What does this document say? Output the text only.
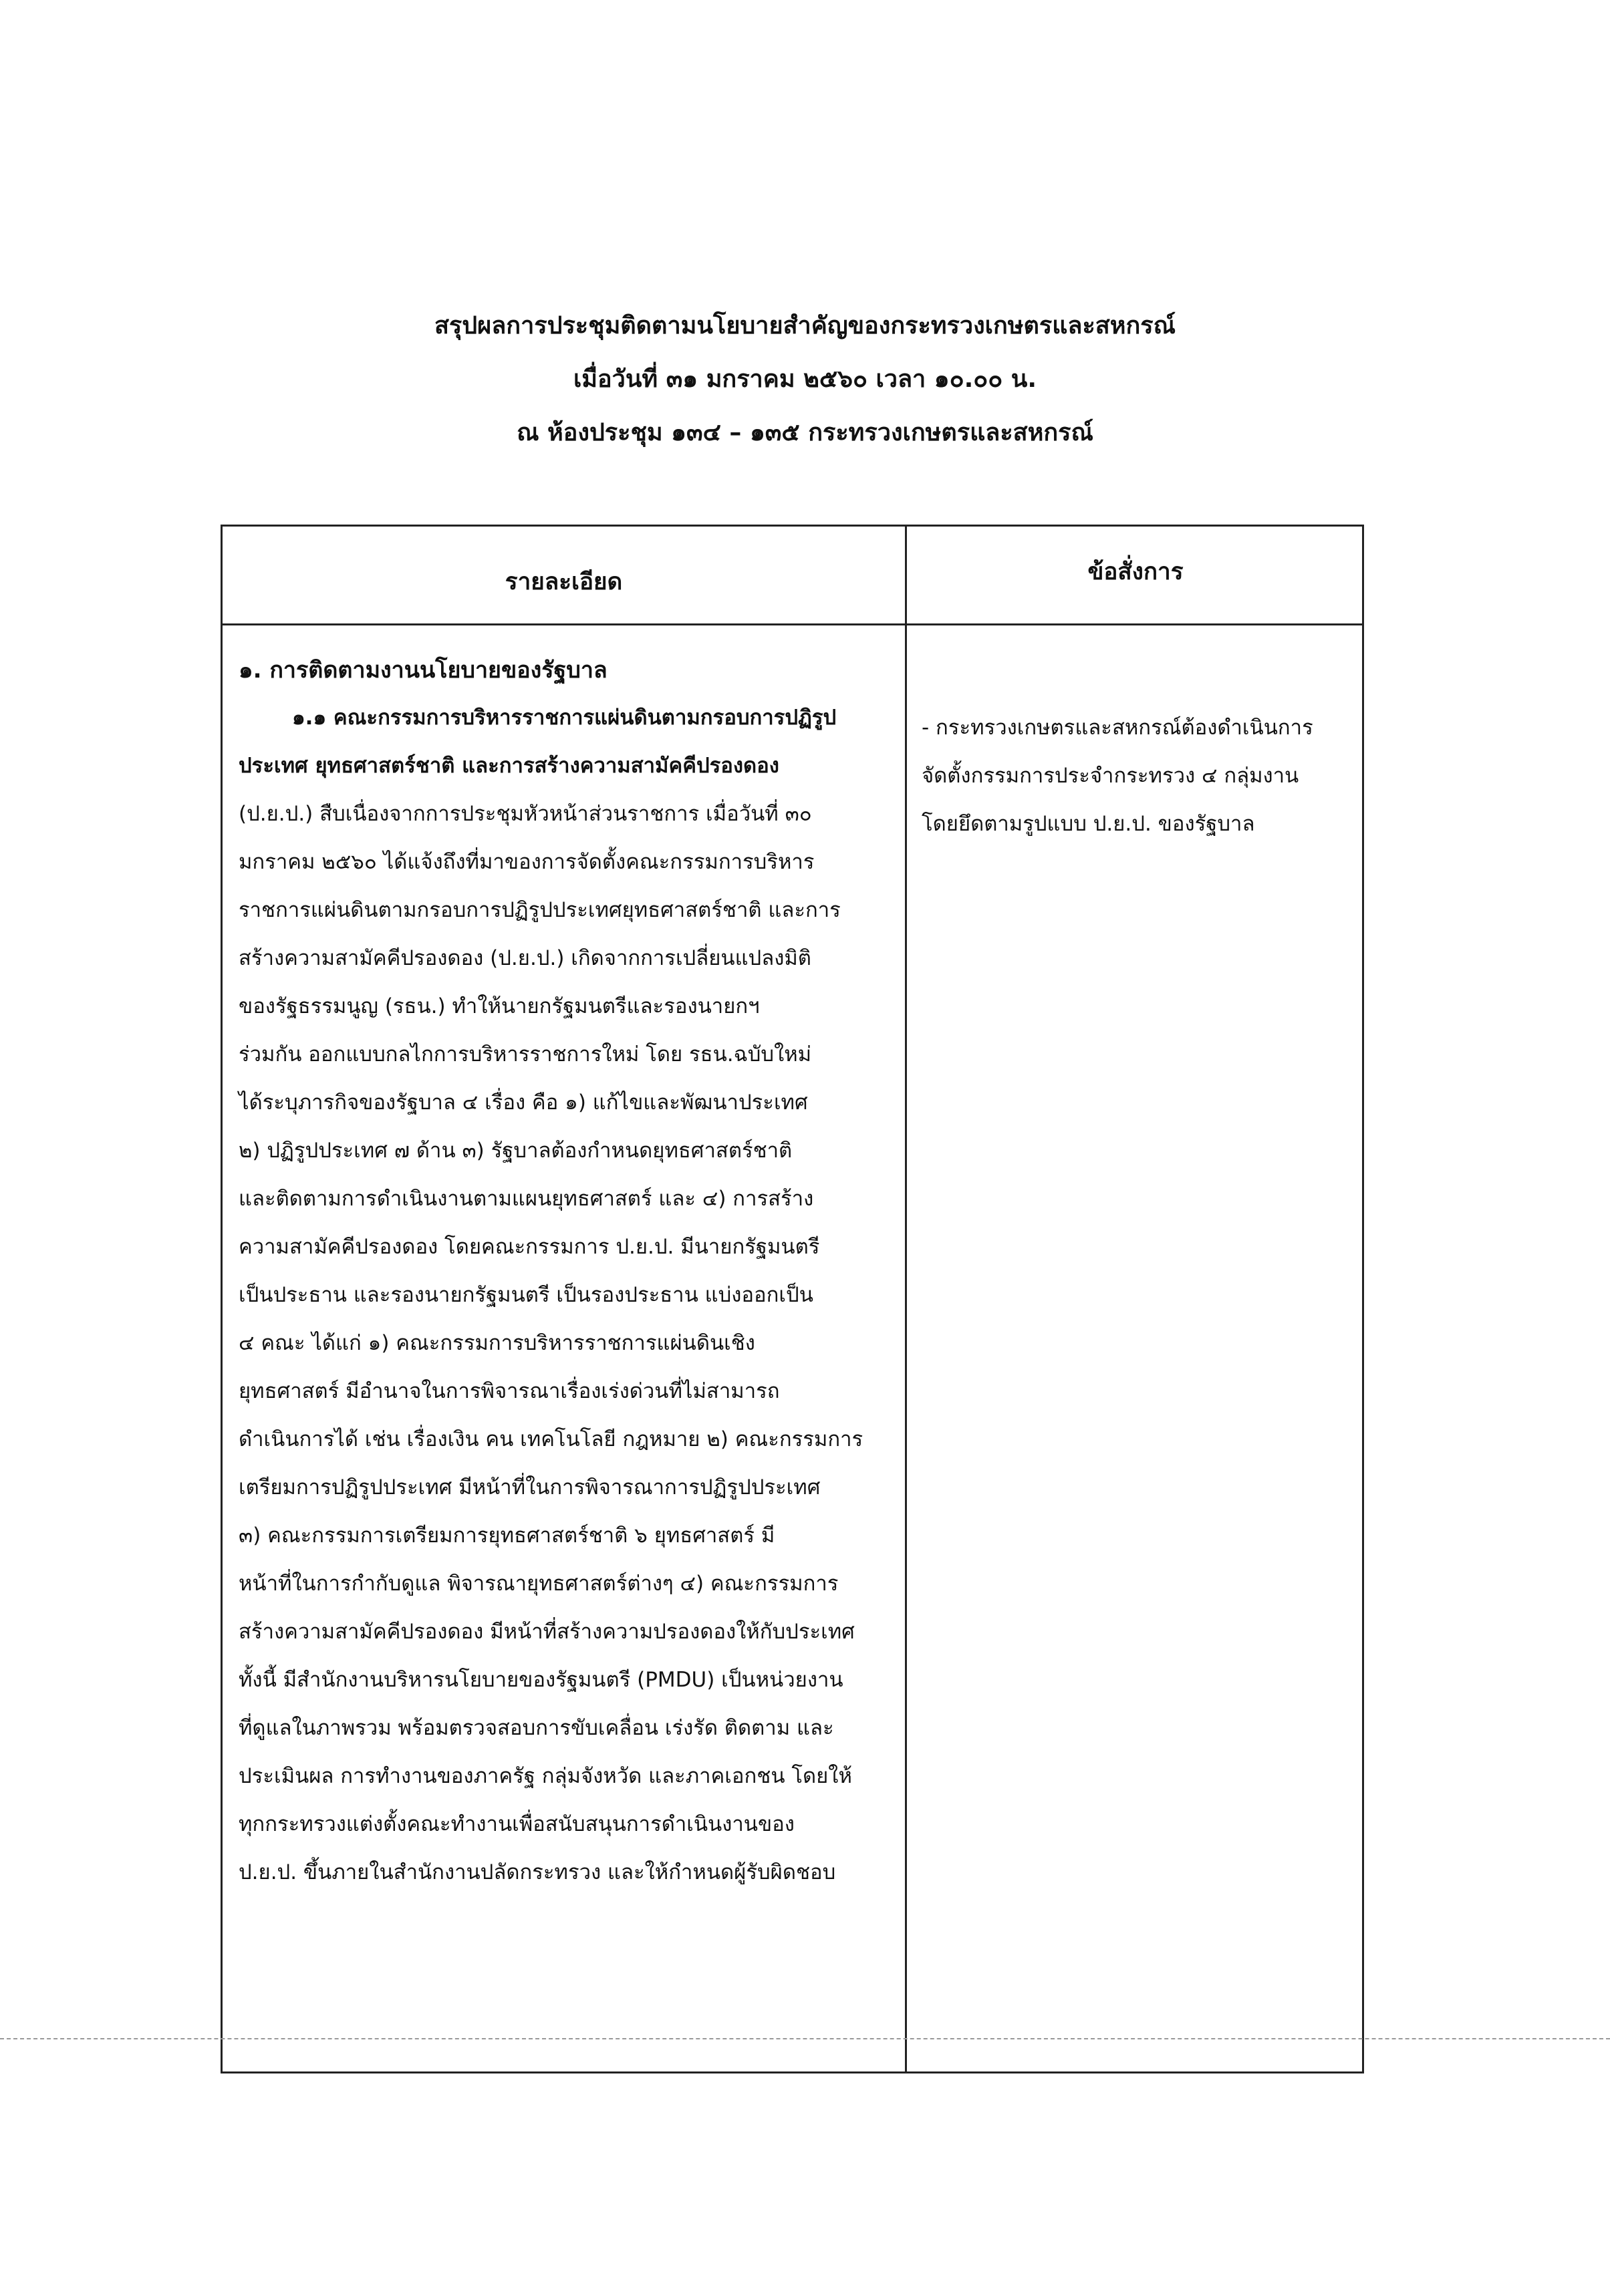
สรุปผลการประชุมติดตามนโยบายสำคัญของกระทรวงเกษตรและสหกรณ์
เมื่อวันที่ ๓๑ มกราคม ๒๕๖๐ เวลา ๑๐.๐๐ น.
ณ ห้องประชุม ๑๓๔ – ๑๓๕ กระทรวงเกษตรและสหกรณ์
รายละเอียด	ข้อสั่งการ
๑. การติดตามงานนโยบายของรัฐบาล
๑.๑ คณะกรรมการบริหารราชการแผ่นดินตามกรอบการปฏิรูป
ประเทศ ยุทธศาสตร์ชาติ และการสร้างความสามัคคีปรองดอง
(ป.ย.ป.) สืบเนื่องจากการประชุมหัวหน้าส่วนราชการ เมื่อวันที่ ๓๐
มกราคม ๒๕๖๐ ได้แจ้งถึงที่มาของการจัดตั้งคณะกรรมการบริหาร
ราชการแผ่นดินตามกรอบการปฏิรูปประเทศยุทธศาสตร์ชาติ และการ
สร้างความสามัคคีปรองดอง (ป.ย.ป.) เกิดจากการเปลี่ยนแปลงมิติ
ของรัฐธรรมนูญ (รธน.) ทำให้นายกรัฐมนตรีและรองนายกฯ
ร่วมกัน ออกแบบกลไกการบริหารราชการใหม่ โดย รธน.ฉบับใหม่
ได้ระบุภารกิจของรัฐบาล ๔ เรื่อง คือ ๑) แก้ไขและพัฒนาประเทศ
๒) ปฏิรูปประเทศ ๗ ด้าน ๓) รัฐบาลต้องกำหนดยุทธศาสตร์ชาติ
และติดตามการดำเนินงานตามแผนยุทธศาสตร์ และ ๔) การสร้าง
ความสามัคคีปรองดอง โดยคณะกรรมการ ป.ย.ป. มีนายกรัฐมนตรี
เป็นประธาน และรองนายกรัฐมนตรี เป็นรองประธาน แบ่งออกเป็น
๔ คณะ ได้แก่ ๑) คณะกรรมการบริหารราชการแผ่นดินเชิง
ยุทธศาสตร์ มีอำนาจในการพิจารณาเรื่องเร่งด่วนที่ไม่สามารถ
ดำเนินการได้ เช่น เรื่องเงิน คน เทคโนโลยี กฎหมาย ๒) คณะกรรมการ
เตรียมการปฏิรูปประเทศ มีหน้าที่ในการพิจารณาการปฏิรูปประเทศ
๓) คณะกรรมการเตรียมการยุทธศาสตร์ชาติ ๖ ยุทธศาสตร์ มี
หน้าที่ในการกำกับดูแล พิจารณายุทธศาสตร์ต่างๆ ๔) คณะกรรมการ
สร้างความสามัคคีปรองดอง มีหน้าที่สร้างความปรองดองให้กับประเทศ
ทั้งนี้ มีสำนักงานบริหารนโยบายของรัฐมนตรี (PMDU) เป็นหน่วยงาน
ที่ดูแลในภาพรวม พร้อมตรวจสอบการขับเคลื่อน เร่งรัด ติดตาม และ
ประเมินผล การทำงานของภาครัฐ กลุ่มจังหวัด และภาคเอกชน โดยให้
ทุกกระทรวงแต่งตั้งคณะทำงานเพื่อสนับสนุนการดำเนินงานของ
ป.ย.ป. ขึ้นภายในสำนักงานปลัดกระทรวง และให้กำหนดผู้รับผิดชอบ
- กระทรวงเกษตรและสหกรณ์ต้องดำเนินการ
จัดตั้งกรรมการประจำกระทรวง ๔ กลุ่มงาน
โดยยึดตามรูปแบบ ป.ย.ป. ของรัฐบาล
